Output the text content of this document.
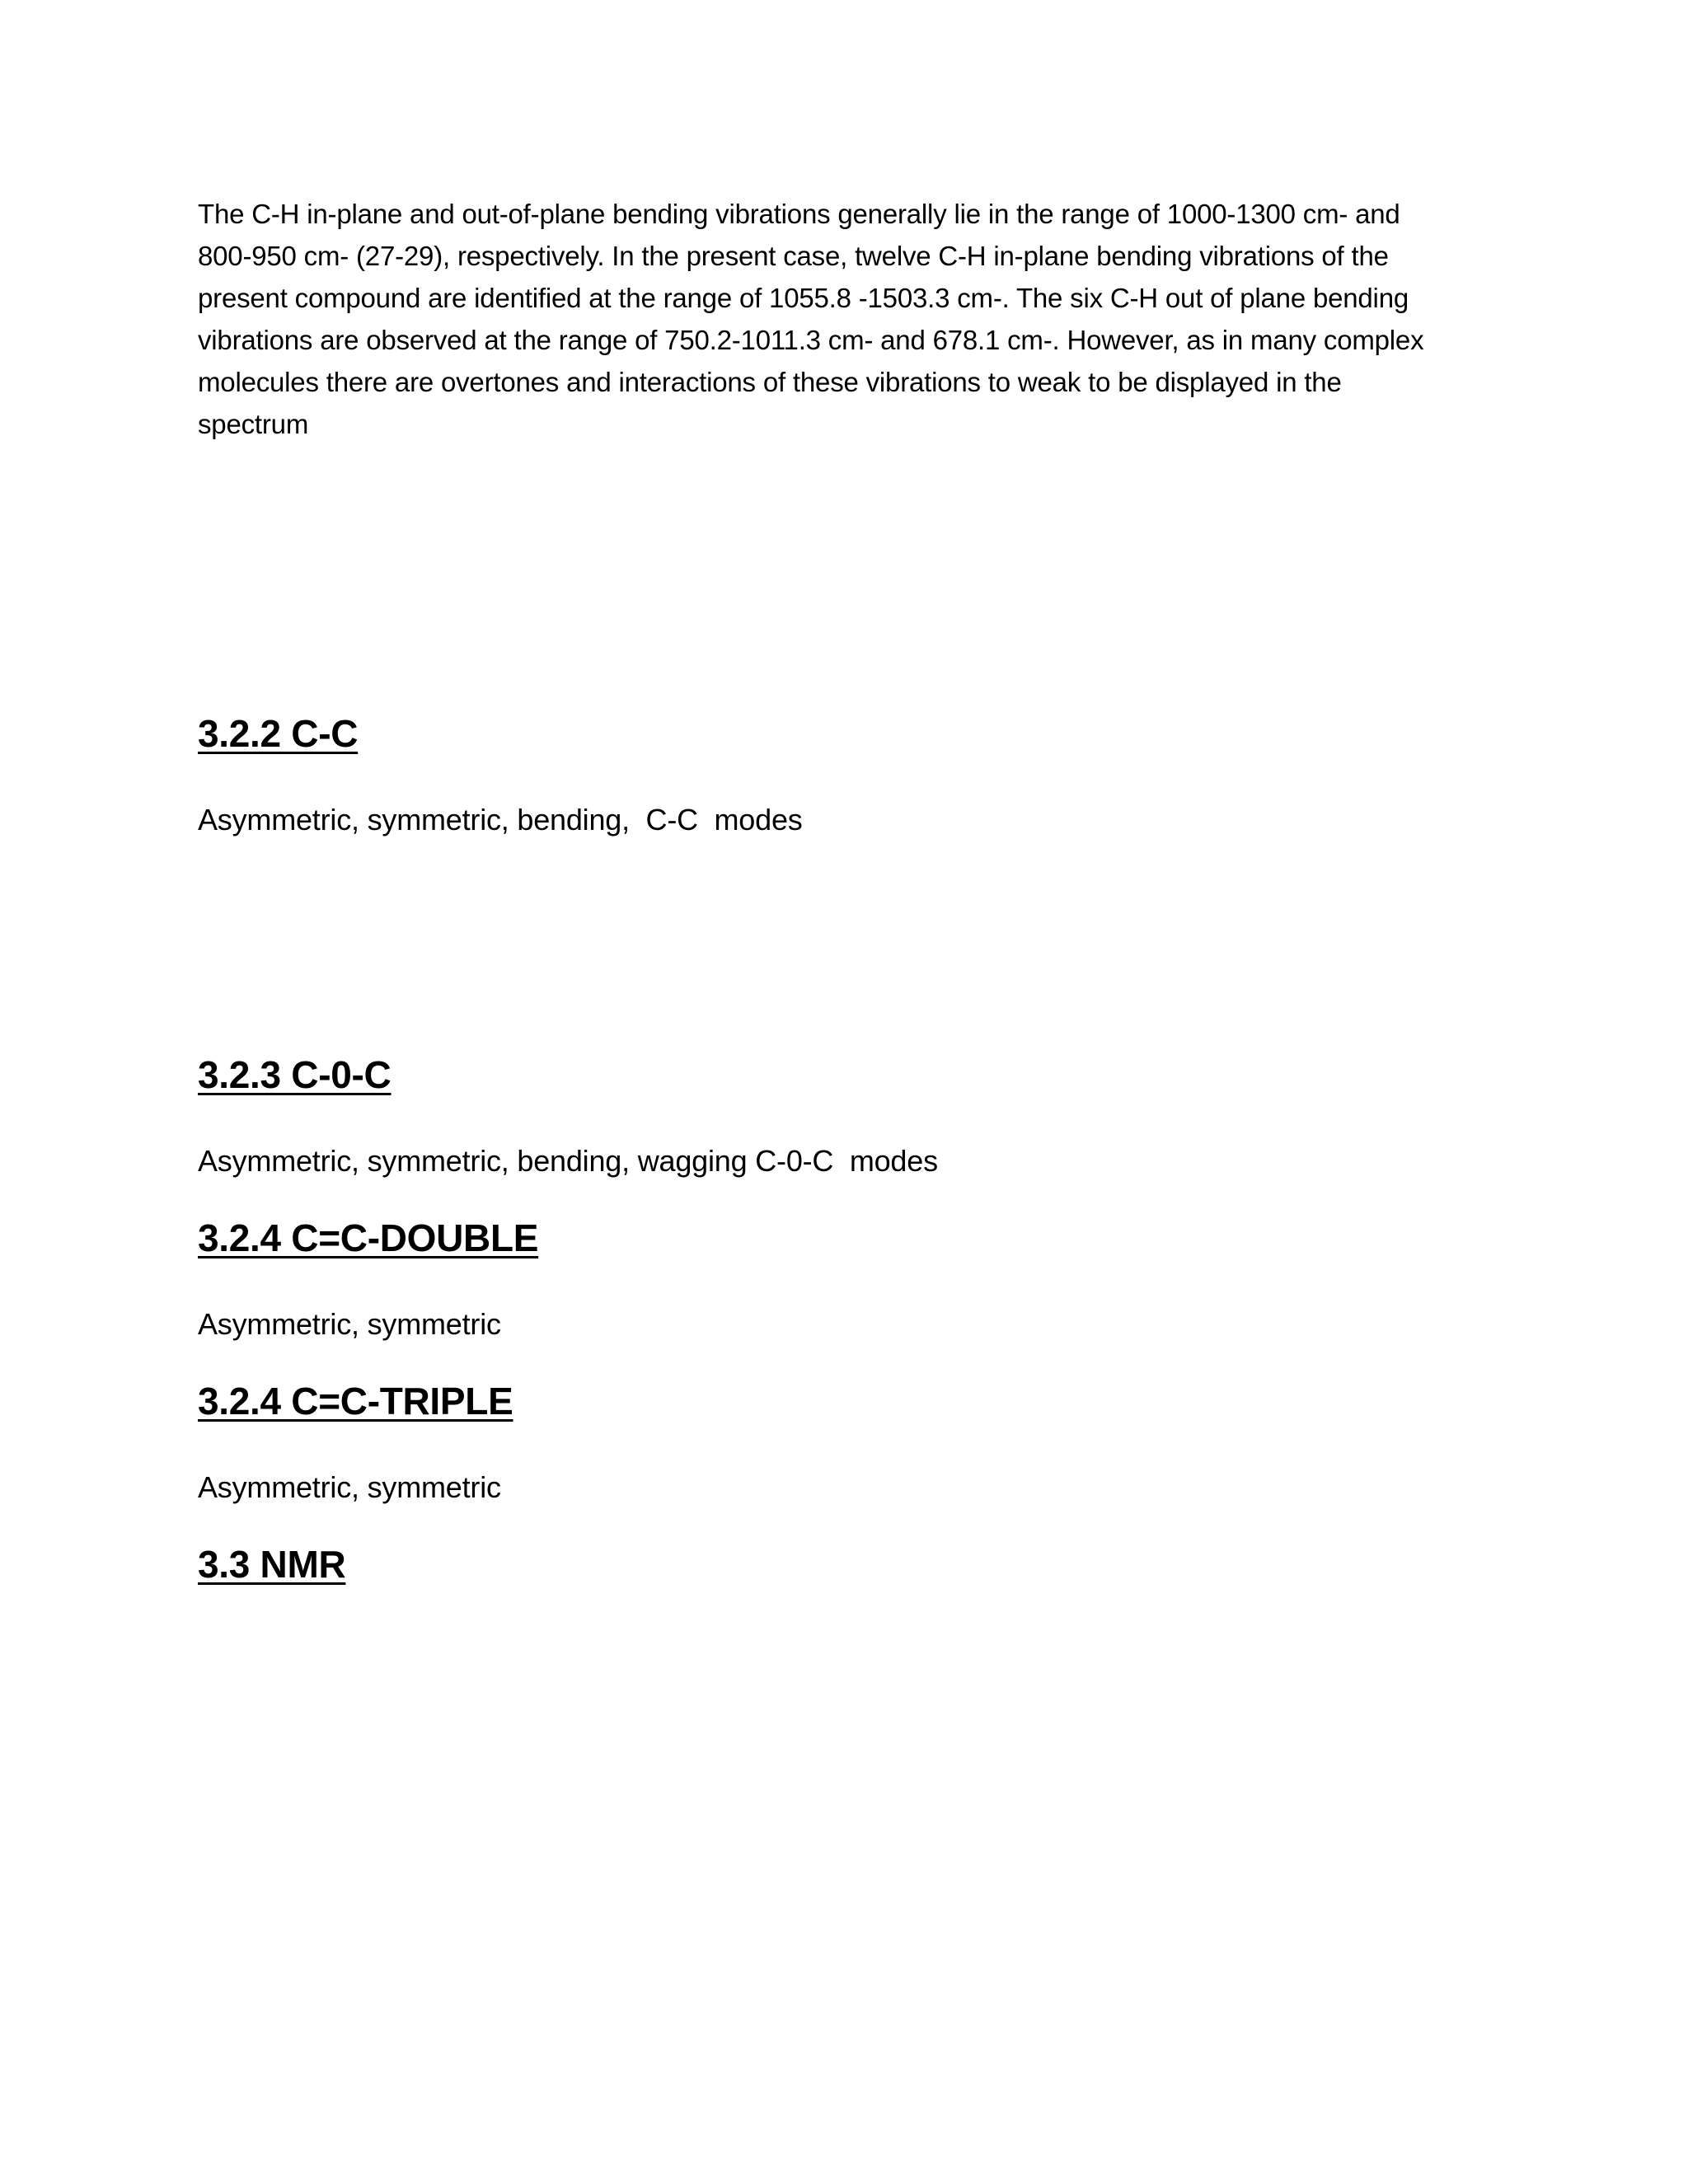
The C-H in-plane and out-of-plane bending vibrations generally lie in the range of 1000-1300 cm- and
800-950 cm- (27-29), respectively. In the present case, twelve C-H in-plane bending vibrations of the
present compound are identified at the range of 1055.8 -1503.3 cm-. The six C-H out of plane bending
vibrations are observed at the range of 750.2-1011.3 cm- and 678.1 cm-. However, as in many complex
molecules there are overtones and interactions of these vibrations to weak to be displayed in the
spectrum
3.2.2 C-C
Asymmetric, symmetric, bending,  C-C  modes
3.2.3 C-0-C
Asymmetric, symmetric, bending, wagging C-0-C  modes
3.2.4 C=C-DOUBLE
Asymmetric, symmetric
3.2.4 C=C-TRIPLE
Asymmetric, symmetric
3.3 NMR
